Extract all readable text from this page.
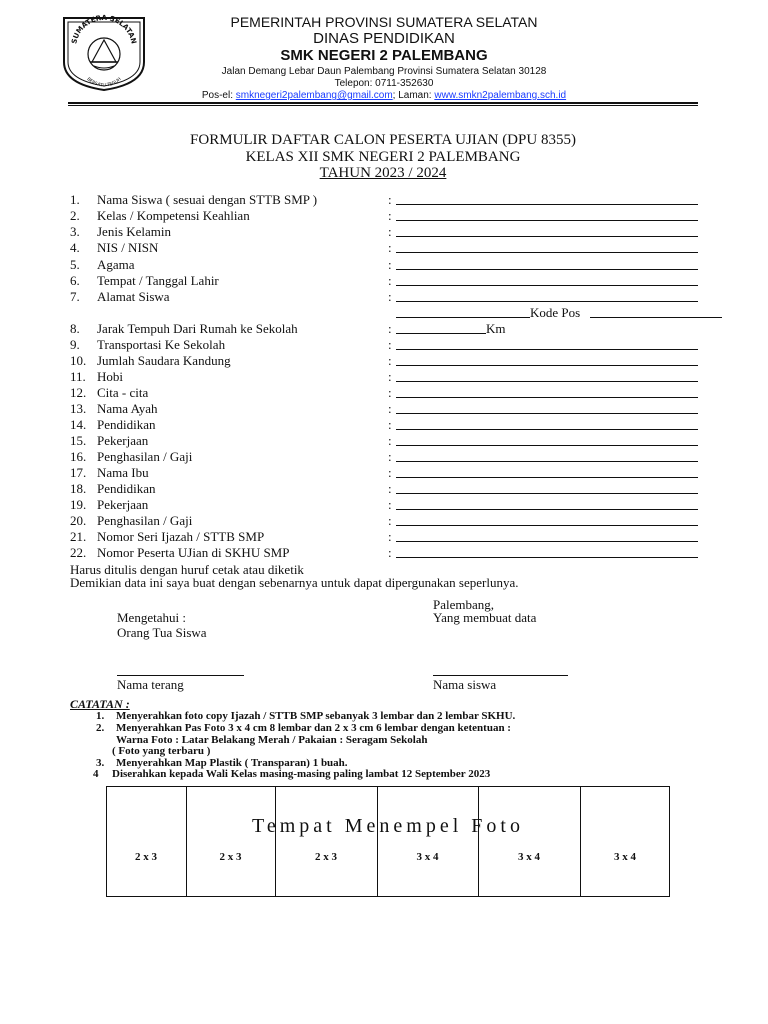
SUMATERA SELATAN
BERSATU TEGUH
PEMERINTAH PROVINSI SUMATERA SELATAN
DINAS PENDIDIKAN
SMK NEGERI 2 PALEMBANG
Jalan Demang Lebar Daun Palembang Provinsi Sumatera Selatan 30128
Telepon: 0711-352630
Pos-el: smknegeri2palembang@gmail.com; Laman: www.smkn2palembang.sch.id
FORMULIR DAFTAR CALON PESERTA UJIAN (DPU 8355)
KELAS XII SMK NEGERI 2 PALEMBANG
TAHUN 2023 / 2024
1.	Nama Siswa ( sesuai dengan STTB SMP )	:
2.	Kelas / Kompetensi Keahlian	:
3.	Jenis Kelamin	:
4.	NIS / NISN	:
5.	Agama	:
6.	Tempat / Tanggal Lahir	:
7.	Alamat Siswa	:
8.	Jarak Tempuh Dari Rumah ke Sekolah	:	Km
9.	Transportasi Ke Sekolah	:
10. Jumlah Saudara Kandung	:
11. Hobi	:
12. Cita - cita	:
13. Nama Ayah	:
14. Pendidikan	:
15. Pekerjaan	:
16. Penghasilan / Gaji	:
17. Nama Ibu	:
18. Pendidikan	:
19. Pekerjaan	:
20. Penghasilan / Gaji	:
21. Nomor Seri Ijazah / STTB SMP	:
22. Nomor Peserta UJian di SKHU SMP	:
Kode Pos
Harus ditulis dengan huruf cetak atau diketik
Demikian data ini saya buat dengan sebenarnya untuk dapat dipergunakan seperlunya.
Palembang,
Mengetahui :	Yang membuat data
Orang Tua Siswa
Nama terang	Nama siswa
CATATAN :
1. Menyerahkan foto copy Ijazah / STTB SMP sebanyak 3 lembar dan 2 lembar SKHU.
2. Menyerahkan Pas Foto 3 x 4 cm 8 lembar dan 2 x 3 cm 6 lembar dengan ketentuan :
Warna Foto : Latar Belakang Merah / Pakaian : Seragam Sekolah
( Foto yang terbaru )
3. Menyerahkan Map Plastik ( Transparan) 1 buah.
4 Diserahkan kepada Wali Kelas masing-masing paling lambat 12 September 2023
Tempat Menempel Foto
2 x 3	2 x 3	2 x 3	3 x 4	3 x 4	3 x 4
